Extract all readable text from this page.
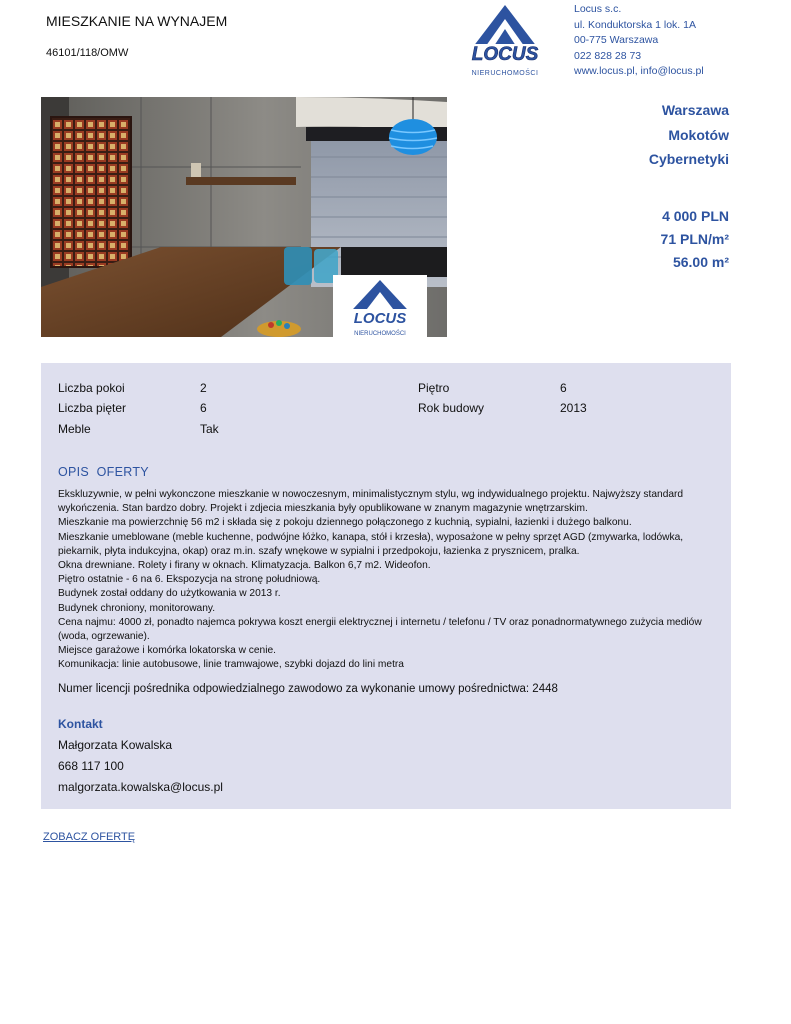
MIESZKANIE NA WYNAJEM
46101/118/OMW	LOCUS
NIERUCHOMOŚCI
Locus s.c.
ul. Konduktorska 1 lok. 1A
00-775 Warszawa
022 828 28 73
www.locus.pl, info@locus.pl
LOCUS
NIERUCHOMOŚCI
Warszawa
Mokotów
Cybernetyki
4 000 PLN
71 PLN/m²
56.00 m²
Liczba pokoi	2	Piętro	6
Liczba pięter	6	Rok budowy	2013
Meble	Tak
OPIS  OFERTY

Ekskluzywnie, w pełni wykonczone mieszkanie w nowoczesnym, minimalistycznym stylu, wg indywidualnego projektu. Najwyższy standard wykończenia. Stan bardzo dobry. Projekt i zdjecia mieszkania były opublikowane w znanym magazynie wnętrzarskim.

Mieszkanie ma powierzchnię 56 m2 i składa się z pokoju dziennego połączonego z kuchnią, sypialni, łazienki i dużego balkonu.

Mieszkanie umeblowane (meble kuchenne, podwójne łóżko, kanapa, stół i krzesła), wyposażone w pełny sprzęt AGD (zmywarka, lodówka, piekarnik, płyta indukcyjna, okap) oraz m.in. szafy wnękowe w sypialni i przedpokoju, łazienka z prysznicem, pralka.

Okna drewniane. Rolety i firany w oknach. Klimatyzacja. Balkon 6,7 m2. Wideofon.

Piętro ostatnie - 6 na 6. Ekspozycja na stronę południową.

Budynek został oddany do użytkowania w 2013 r.

Budynek chroniony, monitorowany.

Cena najmu: 4000 zł, ponadto najemca pokrywa koszt energii elektrycznej i internetu / telefonu / TV oraz ponadnormatywnego zużycia mediów (woda, ogrzewanie).

Miejsce garażowe i komórka lokatorska w cenie.

Komunikacja: linie autobusowe, linie tramwajowe, szybki dojazd do lini metra

Numer licencji pośrednika odpowiedzialnego zawodowo za wykonanie umowy pośrednictwa: 2448
Kontakt
Małgorzata Kowalska
668 117 100
malgorzata.kowalska@locus.pl
ZOBACZ OFERTĘ
